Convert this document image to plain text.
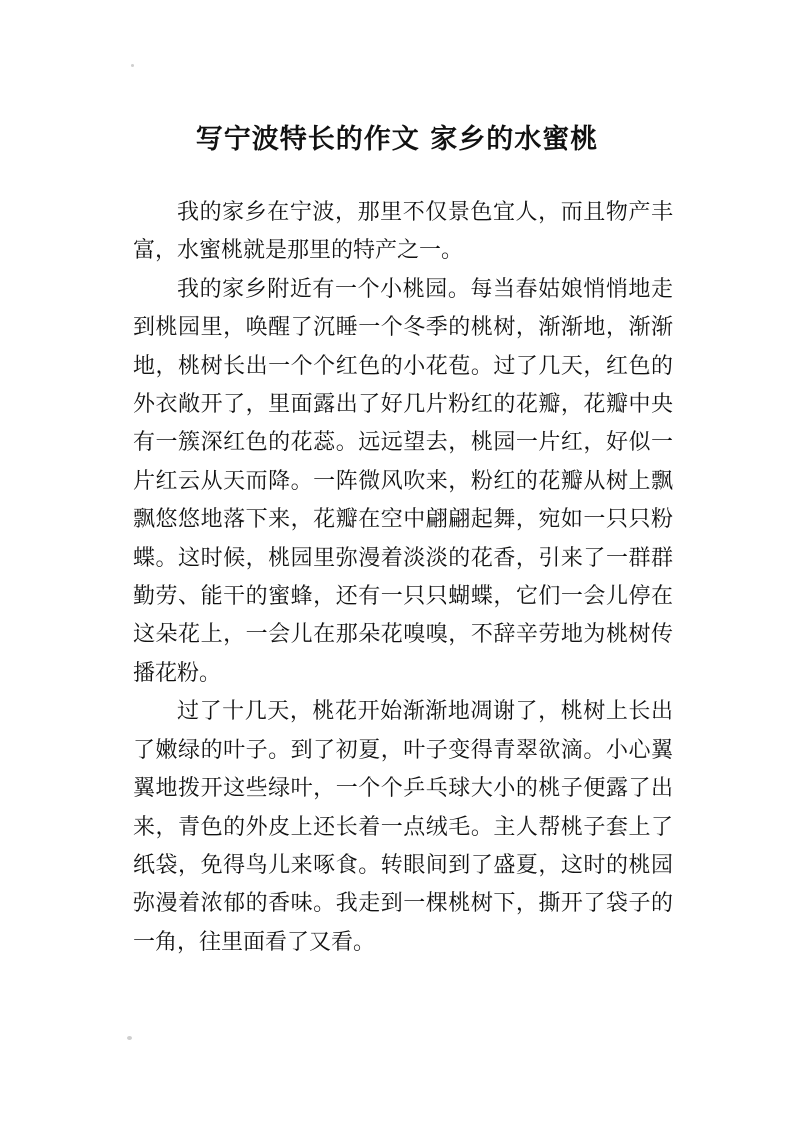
写宁波特长的作文 家乡的水蜜桃

我的家乡在宁波，那里不仅景色宜人，而且物产丰富，水蜜桃就是那里的特产之一。

我的家乡附近有一个小桃园。每当春姑娘悄悄地走到桃园里，唤醒了沉睡一个冬季的桃树，渐渐地，渐渐地，桃树长出一个个红色的小花苞。过了几天，红色的外衣敞开了，里面露出了好几片粉红的花瓣，花瓣中央有一簇深红色的花蕊。远远望去，桃园一片红，好似一片红云从天而降。一阵微风吹来，粉红的花瓣从树上飘飘悠悠地落下来，花瓣在空中翩翩起舞，宛如一只只粉蝶。这时候，桃园里弥漫着淡淡的花香，引来了一群群勤劳、能干的蜜蜂，还有一只只蝴蝶，它们一会儿停在这朵花上，一会儿在那朵花嗅嗅，不辞辛劳地为桃树传播花粉。

过了十几天，桃花开始渐渐地凋谢了，桃树上长出了嫩绿的叶子。到了初夏，叶子变得青翠欲滴。小心翼翼地拨开这些绿叶，一个个乒乓球大小的桃子便露了出来，青色的外皮上还长着一点绒毛。主人帮桃子套上了纸袋，免得鸟儿来啄食。转眼间到了盛夏，这时的桃园弥漫着浓郁的香味。我走到一棵桃树下，撕开了袋子的一角，往里面看了又看。
